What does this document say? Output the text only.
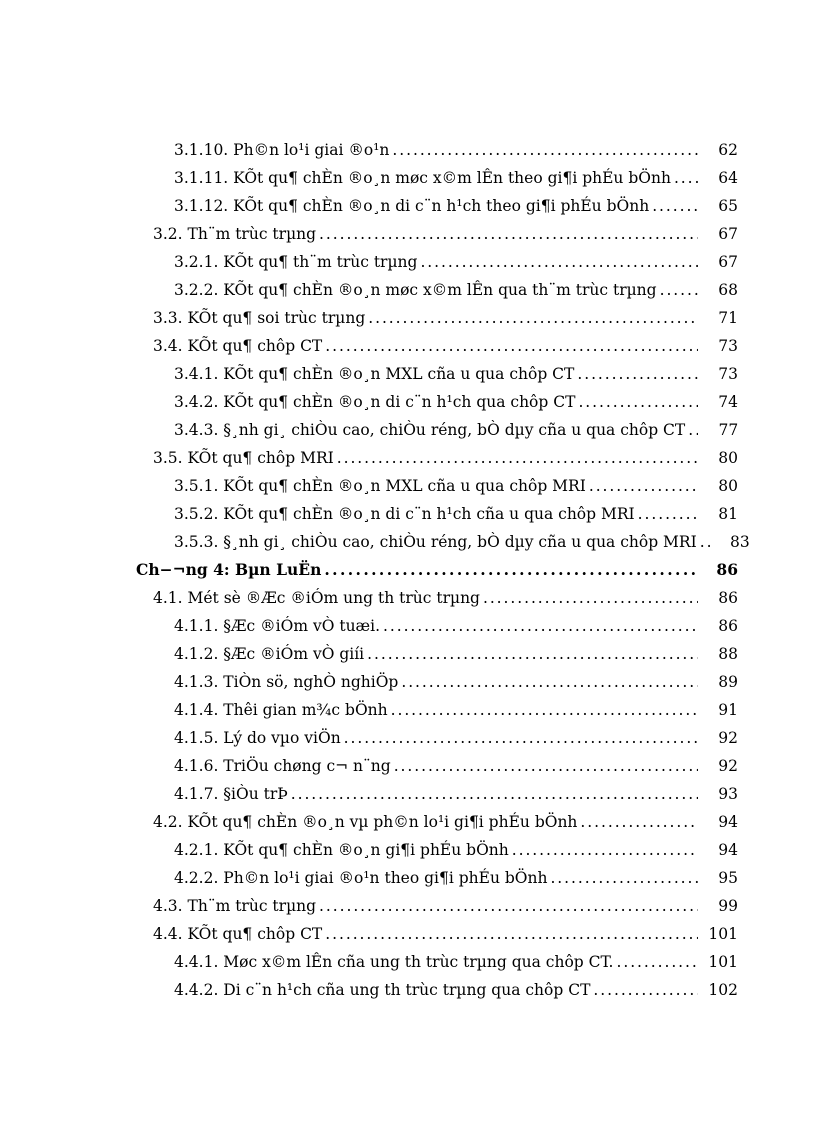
3.1.10. Ph©n lo¹i giai ®o¹n . . .	62
3.1.11. KÕt qu¶ chÈn ®o¸n møc x©m lÊn theo gi¶i phÉu bÖnh . . .	64
3.1.12. KÕt qu¶ chÈn ®o¸n di c¨n h¹ch theo gi¶i phÉu bÖnh . . .	65
3.2. Th¨m trùc trµng . . .	67
3.2.1. KÕt qu¶ th¨m trùc trµng . . .	67
3.2.2. KÕt qu¶ chÈn ®o¸n møc x©m lÊn qua th¨m trùc trµng . . .	68
3.3. KÕt qu¶ soi trùc trµng . . .	71
3.4. KÕt qu¶ chôp CT . . .	73
3.4.1. KÕt qu¶ chÈn ®o¸n MXL cña u qua chôp CT . . .	73
3.4.2. KÕt qu¶ chÈn ®o¸n di c¨n h¹ch qua chôp CT . . .	74
3.4.3. §¸nh gi¸ chiÒu cao, chiÒu réng, bÒ dµy cña u qua chôp CT . . .	77
3.5. KÕt qu¶ chôp MRI . . .	80
3.5.1. KÕt qu¶ chÈn ®o¸n MXL cña u qua chôp MRI . . .	80
3.5.2. KÕt qu¶ chÈn ®o¸n di c¨n h¹ch cña u qua chôp MRI . . .	81
3.5.3. §¸nh gi¸ chiÒu cao, chiÒu réng, bÒ dµy cña u qua chôp MRI . . .	83
Ch−¬ng 4: Bµn LuËn . . .	86
4.1. Mét sè ®Æc ®iÓm ung th trùc trµng . . .	86
4.1.1. §Æc ®iÓm vÒ tuæi. . . .	86
4.1.2. §Æc ®iÓm vÒ giíi . . .	88
4.1.3. TiÒn sö, nghÒ nghiÖp . . .	89
4.1.4. Thêi gian m¾c bÖnh . . .	91
4.1.5. Lý do vµo viÖn . . .	92
4.1.6. TriÖu chøng c¬ n¨ng . . .	92
4.1.7. §iÒu trÞ . . .	93
4.2. KÕt qu¶ chÈn ®o¸n vµ ph©n lo¹i gi¶i phÉu bÖnh . . .	94
4.2.1. KÕt qu¶ chÈn ®o¸n gi¶i phÉu bÖnh . . .	94
4.2.2. Ph©n lo¹i giai ®o¹n theo gi¶i phÉu bÖnh . . .	95
4.3. Th¨m trùc trµng . . .	99
4.4. KÕt qu¶ chôp CT . . .	101
4.4.1. Møc x©m lÊn cña ung th trùc trµng qua chôp CT. . . .	101
4.4.2. Di c¨n h¹ch cña ung th trùc trµng qua chôp CT . . .	102
